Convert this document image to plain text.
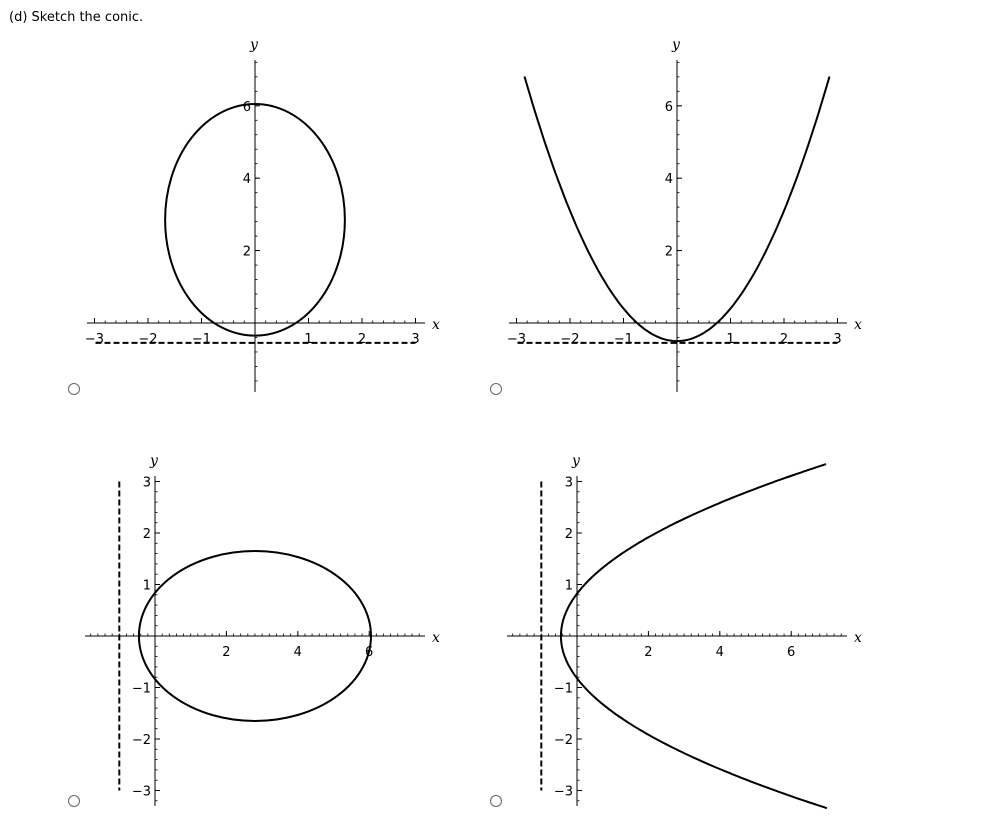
(d) Sketch the conic.
−3	−2	−1	1	2	3
2
4
6
x
y
−3	−2	−1	1	2	3
2
4
6
x
y
2	4	6
−3
−2
−1
1
2
3
x
y
2	4	6
−3
−2
−1
1
2
3
x
y
